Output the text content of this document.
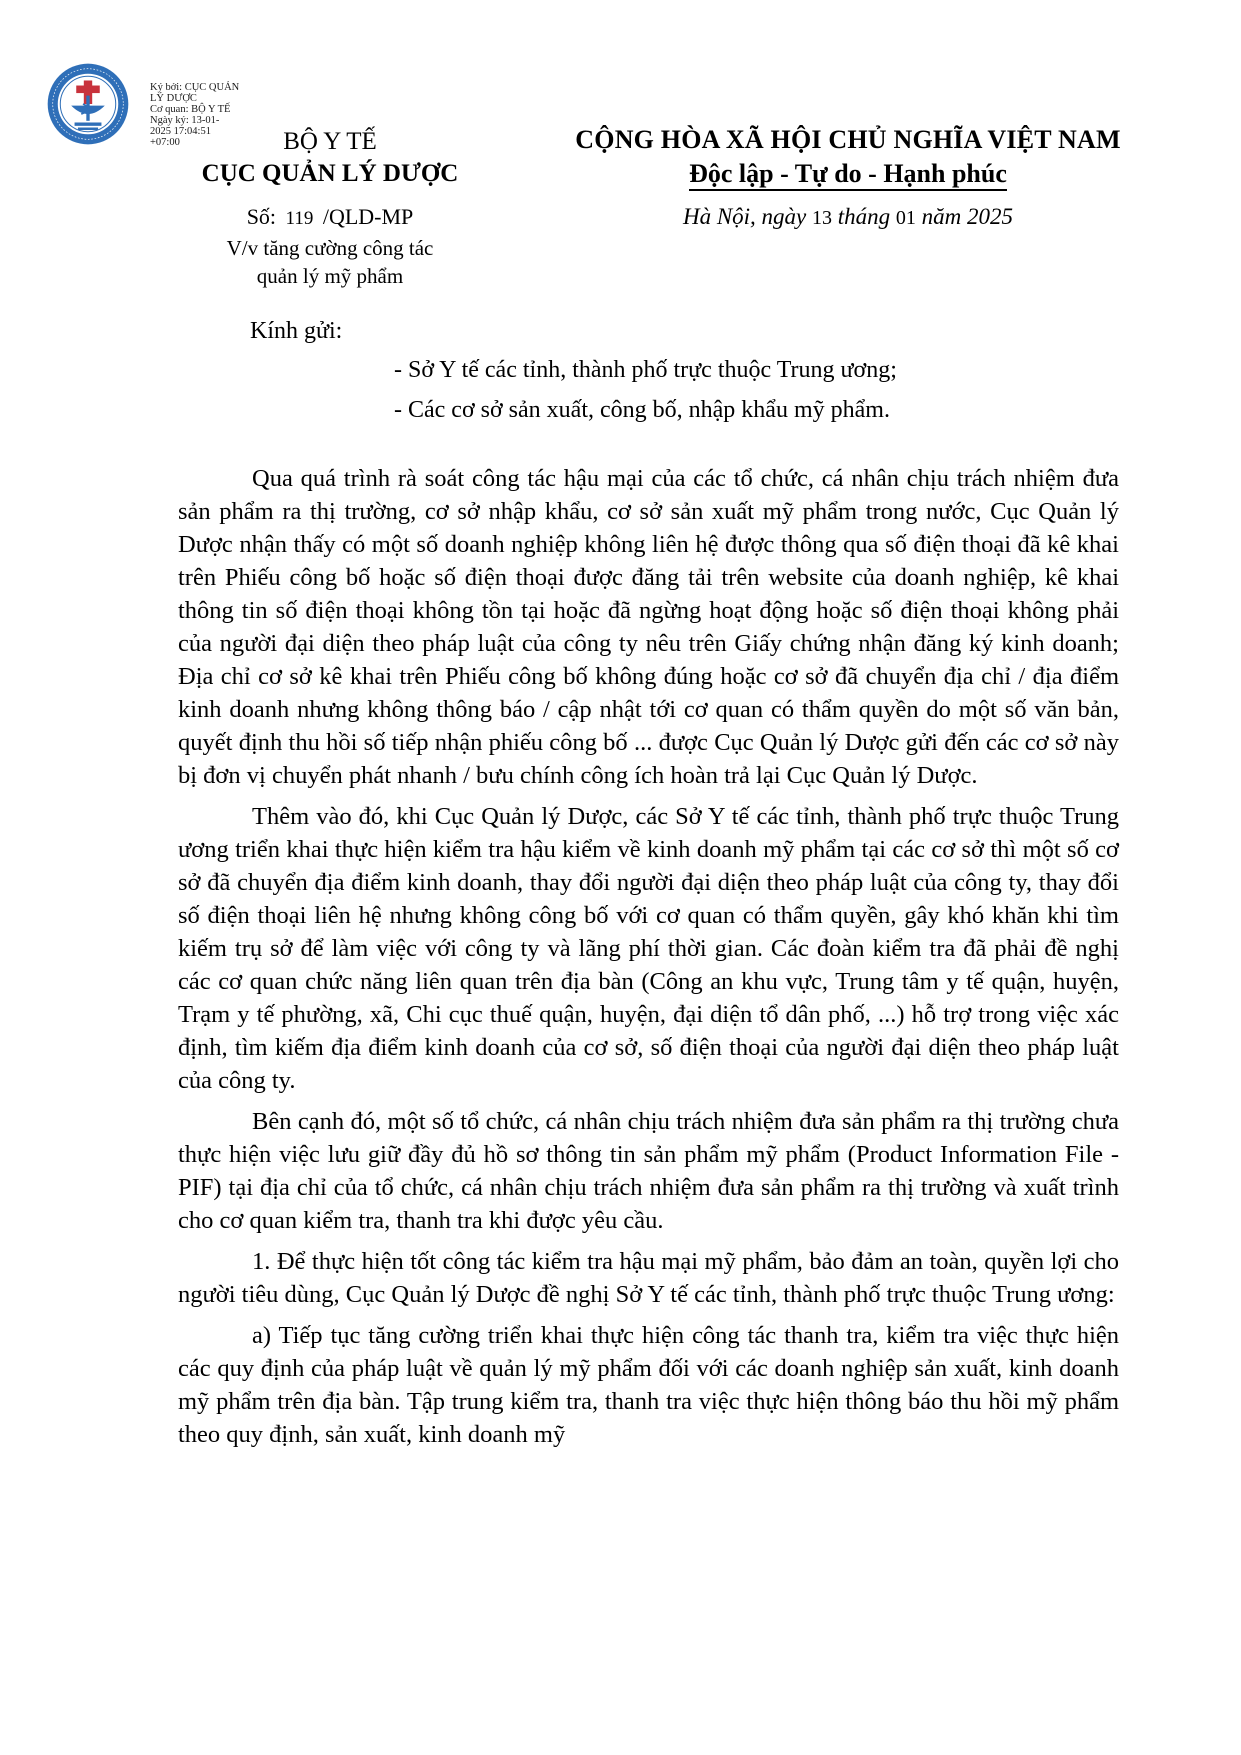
Ký bởi: CỤC QUẢN
LÝ DƯỢC
Cơ quan: BỘ Y TẾ
Ngày ký: 13-01-
2025 17:04:51
+07:00	BỘ Y TẾ
CỤC QUẢN LÝ DƯỢC
Số: 119 /QLD-MP
V/v tăng cường công tác
quản lý mỹ phẩm
CỘNG HÒA XÃ HỘI CHỦ NGHĨA VIỆT NAM
Độc lập - Tự do - Hạnh phúc
Hà Nội, ngày 13 tháng 01 năm 2025
Kính gửi:
- Sở Y tế các tỉnh, thành phố trực thuộc Trung ương;
- Các cơ sở sản xuất, công bố, nhập khẩu mỹ phẩm.

Qua quá trình rà soát công tác hậu mại của các tổ chức, cá nhân chịu trách nhiệm đưa sản phẩm ra thị trường, cơ sở nhập khẩu, cơ sở sản xuất mỹ phẩm trong nước, Cục Quản lý Dược nhận thấy có một số doanh nghiệp không liên hệ được thông qua số điện thoại đã kê khai trên Phiếu công bố hoặc số điện thoại được đăng tải trên website của doanh nghiệp, kê khai thông tin số điện thoại không tồn tại hoặc đã ngừng hoạt động hoặc số điện thoại không phải của người đại diện theo pháp luật của công ty nêu trên Giấy chứng nhận đăng ký kinh doanh; Địa chỉ cơ sở kê khai trên Phiếu công bố không đúng hoặc cơ sở đã chuyển địa chỉ / địa điểm kinh doanh nhưng không thông báo / cập nhật tới cơ quan có thẩm quyền do một số văn bản, quyết định thu hồi số tiếp nhận phiếu công bố ... được Cục Quản lý Dược gửi đến các cơ sở này bị đơn vị chuyển phát nhanh / bưu chính công ích hoàn trả lại Cục Quản lý Dược.

Thêm vào đó, khi Cục Quản lý Dược, các Sở Y tế các tỉnh, thành phố trực thuộc Trung ương triển khai thực hiện kiểm tra hậu kiểm về kinh doanh mỹ phẩm tại các cơ sở thì một số cơ sở đã chuyển địa điểm kinh doanh, thay đổi người đại diện theo pháp luật của công ty, thay đổi số điện thoại liên hệ nhưng không công bố với cơ quan có thẩm quyền, gây khó khăn khi tìm kiếm trụ sở để làm việc với công ty và lãng phí thời gian. Các đoàn kiểm tra đã phải đề nghị các cơ quan chức năng liên quan trên địa bàn (Công an khu vực, Trung tâm y tế quận, huyện, Trạm y tế phường, xã, Chi cục thuế quận, huyện, đại diện tổ dân phố, ...) hỗ trợ trong việc xác định, tìm kiếm địa điểm kinh doanh của cơ sở, số điện thoại của người đại diện theo pháp luật của công ty.

Bên cạnh đó, một số tổ chức, cá nhân chịu trách nhiệm đưa sản phẩm ra thị trường chưa thực hiện việc lưu giữ đầy đủ hồ sơ thông tin sản phẩm mỹ phẩm (Product Information File - PIF) tại địa chỉ của tổ chức, cá nhân chịu trách nhiệm đưa sản phẩm ra thị trường và xuất trình cho cơ quan kiểm tra, thanh tra khi được yêu cầu.

1. Để thực hiện tốt công tác kiểm tra hậu mại mỹ phẩm, bảo đảm an toàn, quyền lợi cho người tiêu dùng, Cục Quản lý Dược đề nghị Sở Y tế các tỉnh, thành phố trực thuộc Trung ương:

a) Tiếp tục tăng cường triển khai thực hiện công tác thanh tra, kiểm tra việc thực hiện các quy định của pháp luật về quản lý mỹ phẩm đối với các doanh nghiệp sản xuất, kinh doanh mỹ phẩm trên địa bàn. Tập trung kiểm tra, thanh tra việc thực hiện thông báo thu hồi mỹ phẩm theo quy định, sản xuất, kinh doanh mỹ
